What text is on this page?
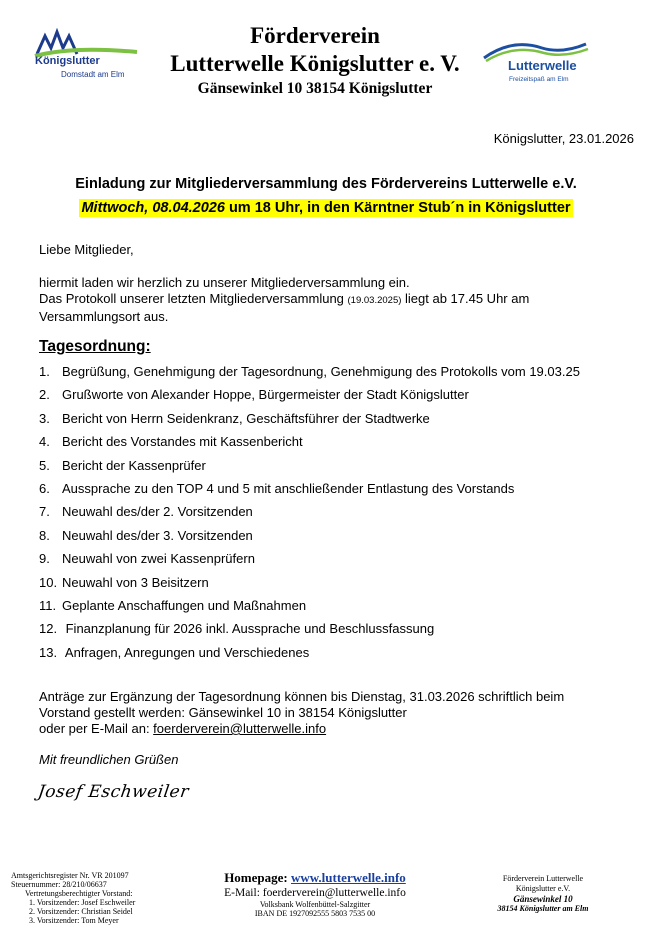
Königslutter
Domstadt am Elm
Förderverein
Lutterwelle Königslutter e. V.
Gänsewinkel 10 38154 Königslutter
Lutterwelle
Freizeitspaß am Elm
Königslutter, 23.01.2026
Einladung zur Mitgliederversammlung des Fördervereins Lutterwelle e.V.
Mittwoch, 08.04.2026 um 18 Uhr, in den Kärntner Stub´n in Königslutter
Liebe Mitglieder,
hiermit laden wir herzlich zu unserer Mitgliederversammlung ein.
Das Protokoll unserer letzten Mitgliederversammlung (19.03.2025) liegt ab 17.45 Uhr am
Versammlungsort aus.
Tagesordnung:
1. Begrüßung, Genehmigung der Tagesordnung, Genehmigung des Protokolls vom 19.03.25
2. Grußworte von Alexander Hoppe, Bürgermeister der Stadt Königslutter
3. Bericht von Herrn Seidenkranz, Geschäftsführer der Stadtwerke
4. Bericht des Vorstandes mit Kassenbericht
5. Bericht der Kassenprüfer
6. Aussprache zu den TOP 4 und 5 mit anschließender Entlastung des Vorstands
7. Neuwahl des/der 2. Vorsitzenden
8. Neuwahl des/der 3. Vorsitzenden
9. Neuwahl von zwei Kassenprüfern
10. Neuwahl von 3 Beisitzern
11. Geplante Anschaffungen und Maßnahmen
12. Finanzplanung für 2026 inkl. Aussprache und Beschlussfassung
13. Anfragen, Anregungen und Verschiedenes
Anträge zur Ergänzung der Tagesordnung können bis Dienstag, 31.03.2026 schriftlich beim
Vorstand gestellt werden: Gänsewinkel 10 in 38154 Königslutter
oder per E-Mail an: foerderverein@lutterwelle.info
Mit freundlichen Grüßen
Josef Eschweiler
Amtsgerichtsregister Nr. VR 201097
Steuernummer: 28/210/06637
Vertretungsberechtigter Vorstand:
1. Vorsitzender: Josef Eschweiler
2. Vorsitzender: Christian Seidel
3. Vorsitzender: Tom Meyer
Homepage: www.lutterwelle.info
E-Mail: foerderverein@lutterwelle.info
Volksbank Wolfenbüttel-Salzgitter
IBAN DE 1927092555 5803 7535 00
Förderverein Lutterwelle
Königslutter e.V.
Gänsewinkel 10
38154 Königslutter am Elm
